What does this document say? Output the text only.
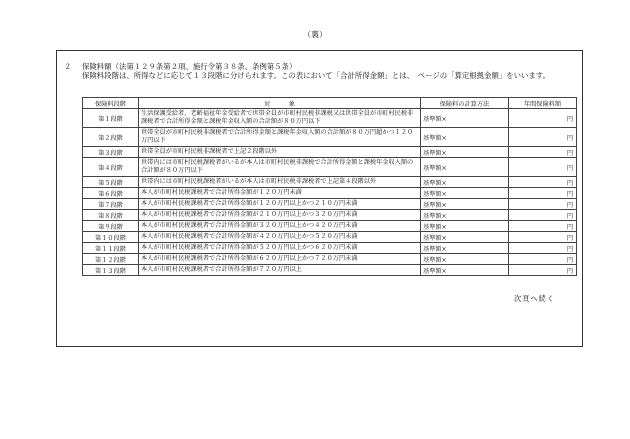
（裏）
２ 保険料額（法第１２９条第２項、施行令第３８条、条例第５条）
保険料段階は、所得などに応じて１３段階に分けられます。この表において「合計所得金額」とは、　ページの「算定根拠金額」をいいます。
保険料段階	対　　　象	保険料の計算方法	年間保険料額
第１段階	生活保護受給者、老齢福祉年金受給者で世帯全員が市町村民税非課税又は世帯全員が市町村民税非課税者で合計所得金額と課税年金収入額の合計額が８０万円以下	基準額×	円
第２段階	世帯全員が市町村民税非課税者で合計所得金額と課税年金収入額の合計額が８０万円超かつ１２０万円以下	基準額×	円
第３段階	世帯全員が市町村民税非課税者で上記２段階以外	基準額×	円
第４段階	世帯内には市町村民税課税者がいるが本人は市町村民税非課税で合計所得金額と課税年金収入額の合計額が８０万円以下	基準額×	円
第５段階	世帯内には市町村民税課税者がいるが本人は市町村民税非課税者で上記第４段階以外	基準額×	円
第６段階	本人が市町村民税課税者で合計所得金額が１２０万円未満	基準額×	円
第７段階	本人が市町村民税課税者で合計所得金額が１２０万円以上かつ２１０万円未満	基準額×	円
第８段階	本人が市町村民税課税者で合計所得金額が２１０万円以上かつ３２０万円未満	基準額×	円
第９段階	本人が市町村民税課税者で合計所得金額が３２０万円以上かつ４２０万円未満	基準額×	円
第１０段階	本人が市町村民税課税者で合計所得金額が４２０万円以上かつ５２０万円未満	基準額×	円
第１１段階	本人が市町村民税課税者で合計所得金額が５２０万円以上かつ６２０万円未満	基準額×	円
第１２段階	本人が市町村民税課税者で合計所得金額が６２０万円以上かつ７２０万円未満	基準額×	円
第１３段階	本人が市町村民税課税者で合計所得金額が７２０万円以上	基準額×	円
次頁へ続く
